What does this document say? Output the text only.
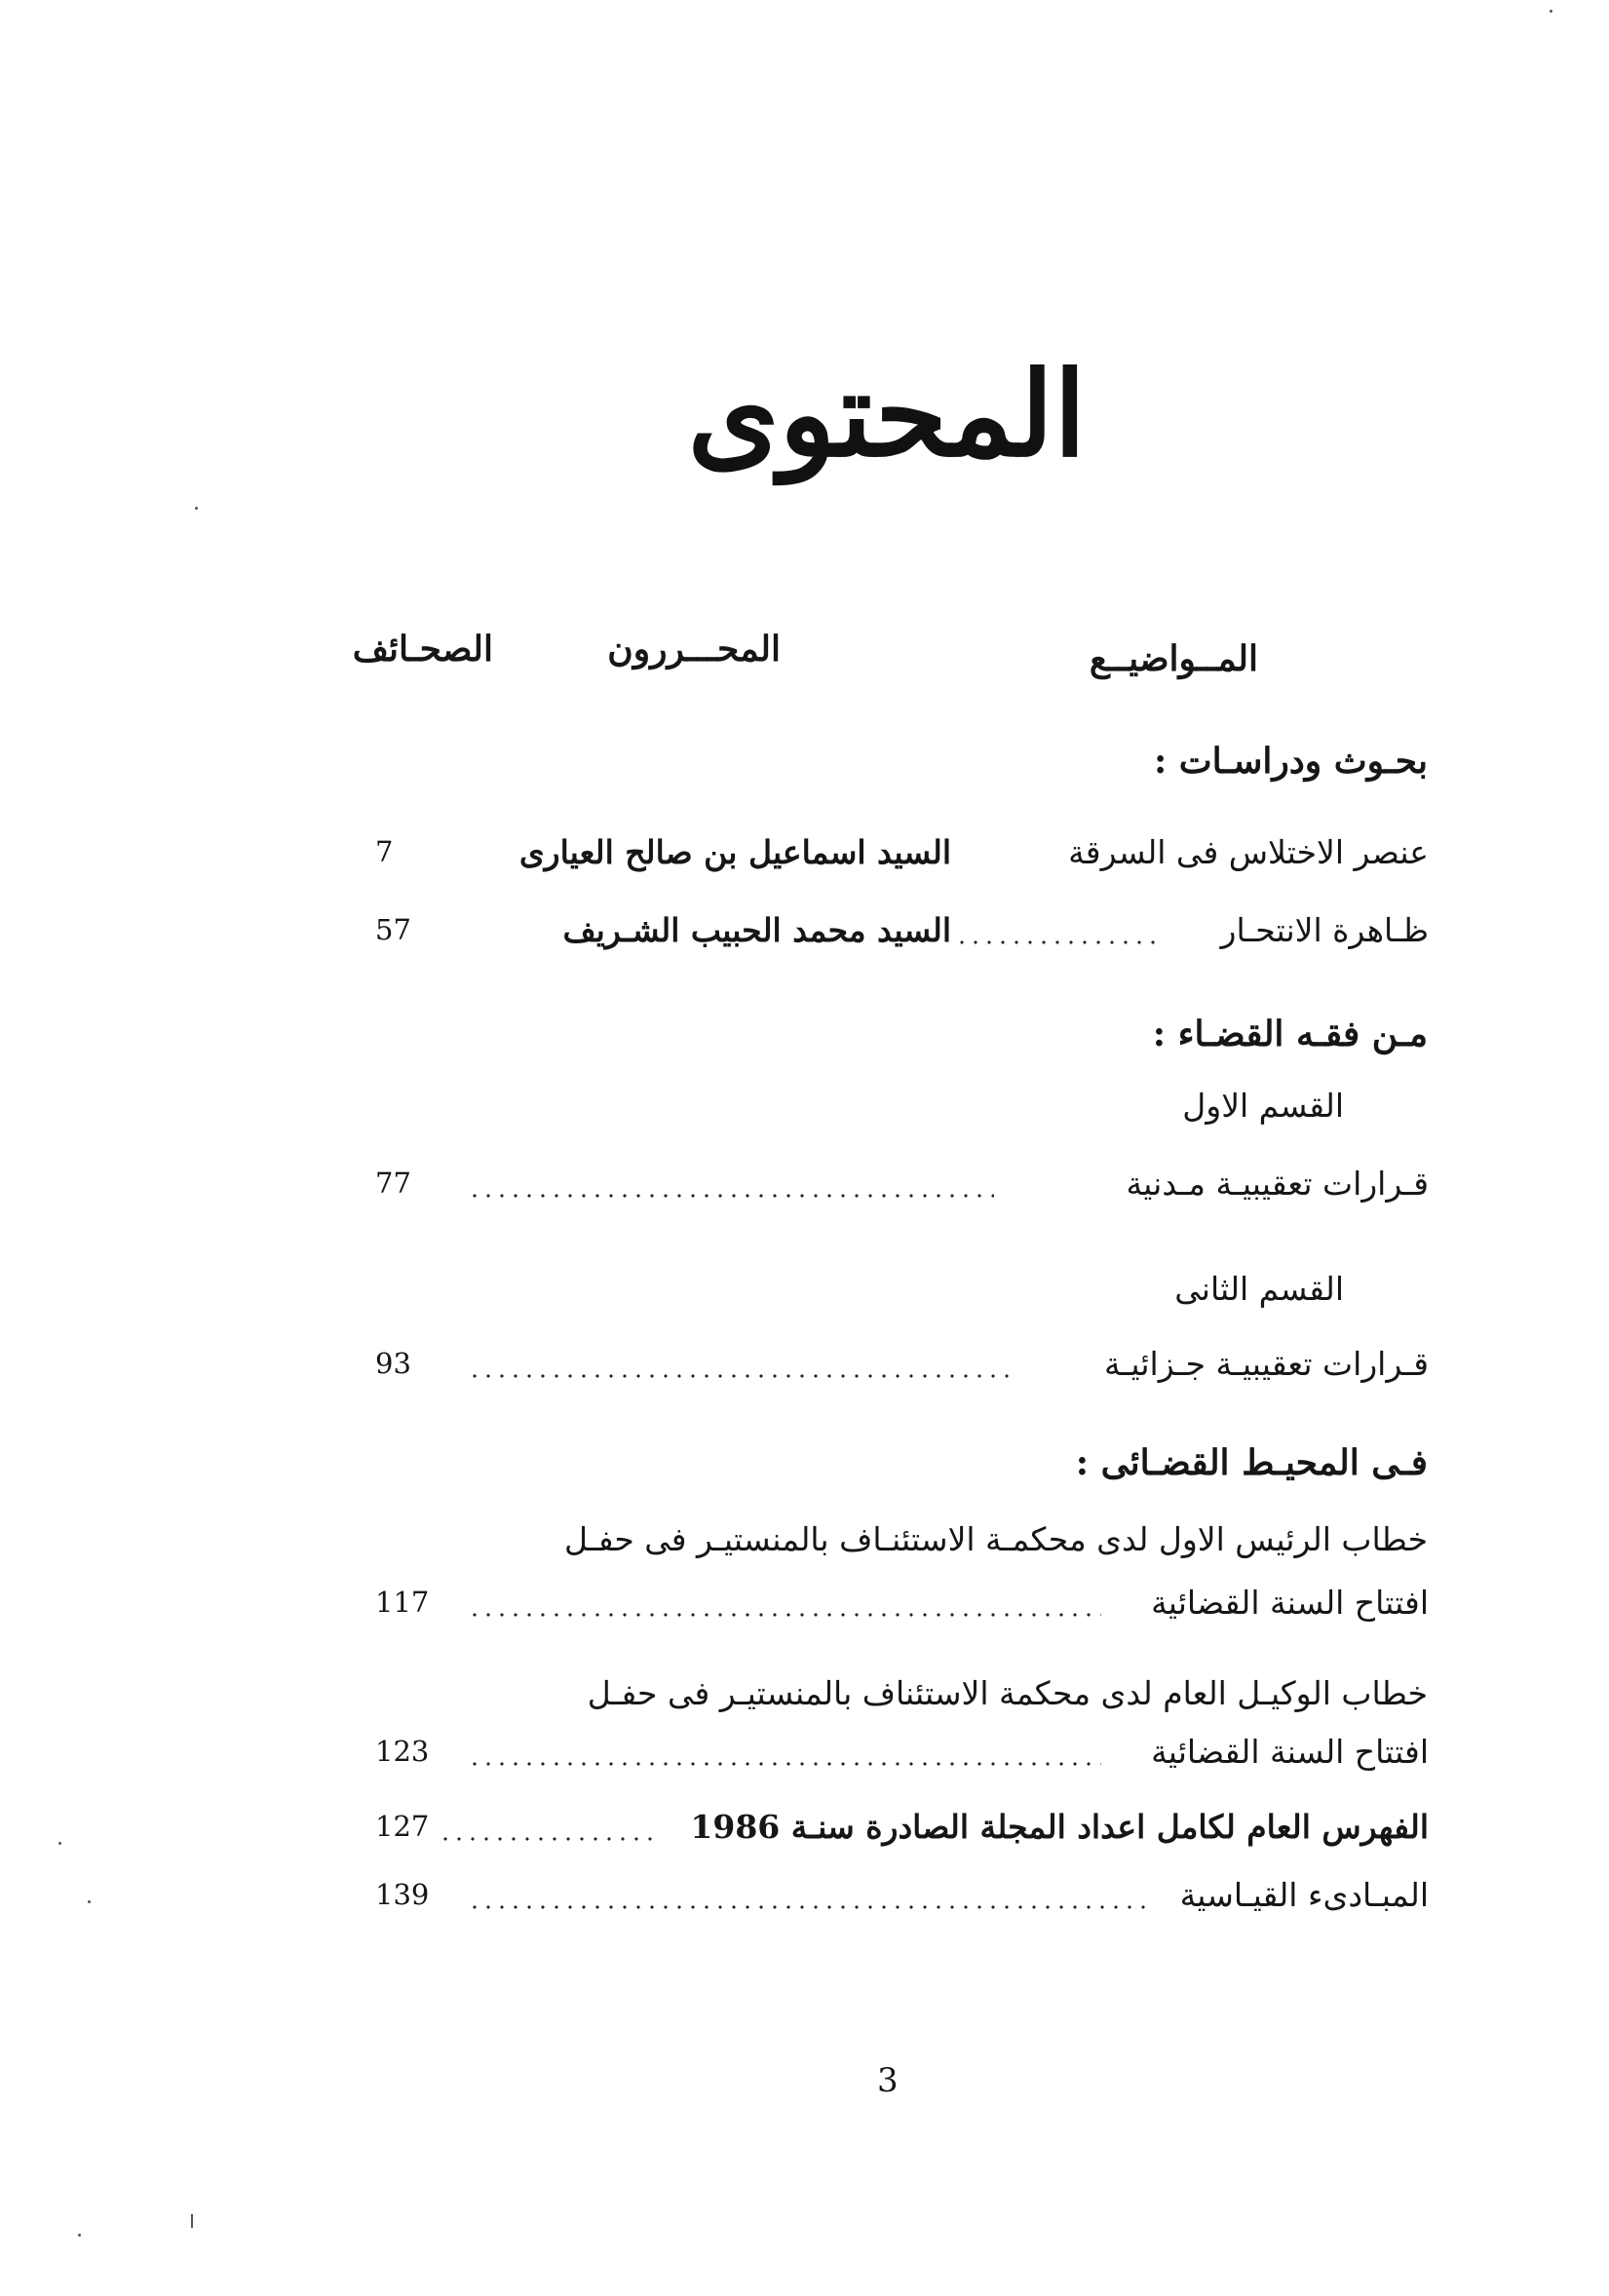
المحتوى
المــواضيــع
المحـــررون
الصحـائف
بحـوث ودراسـات :
عنصر الاختلاس فى السرقة
السيد اسماعيل بن صالح العيارى
7
ظـاهرة الانتحـار
السيد محمد الحبيب الشـريف
57
مـن فقـه القضـاء :
القسم الاول
قـرارات تعقيبيـة مـدنية
77
القسم الثانى
قـرارات تعقيبيـة جـزائيـة
93
فـى المحيـط القضـائى :
خطاب الرئيس الاول لدى محكمـة الاستئنـاف بالمنستيـر فى حفـل
افتتاح السنة القضائية
117
خطاب الوكيـل العام لدى محكمة الاستئناف بالمنستيـر فى حفـل
افتتاح السنة القضائية
123
الفهرس العام لكامل اعداد المجلة الصادرة سنـة 1986
127
المبـادىء القيـاسية
139
3
